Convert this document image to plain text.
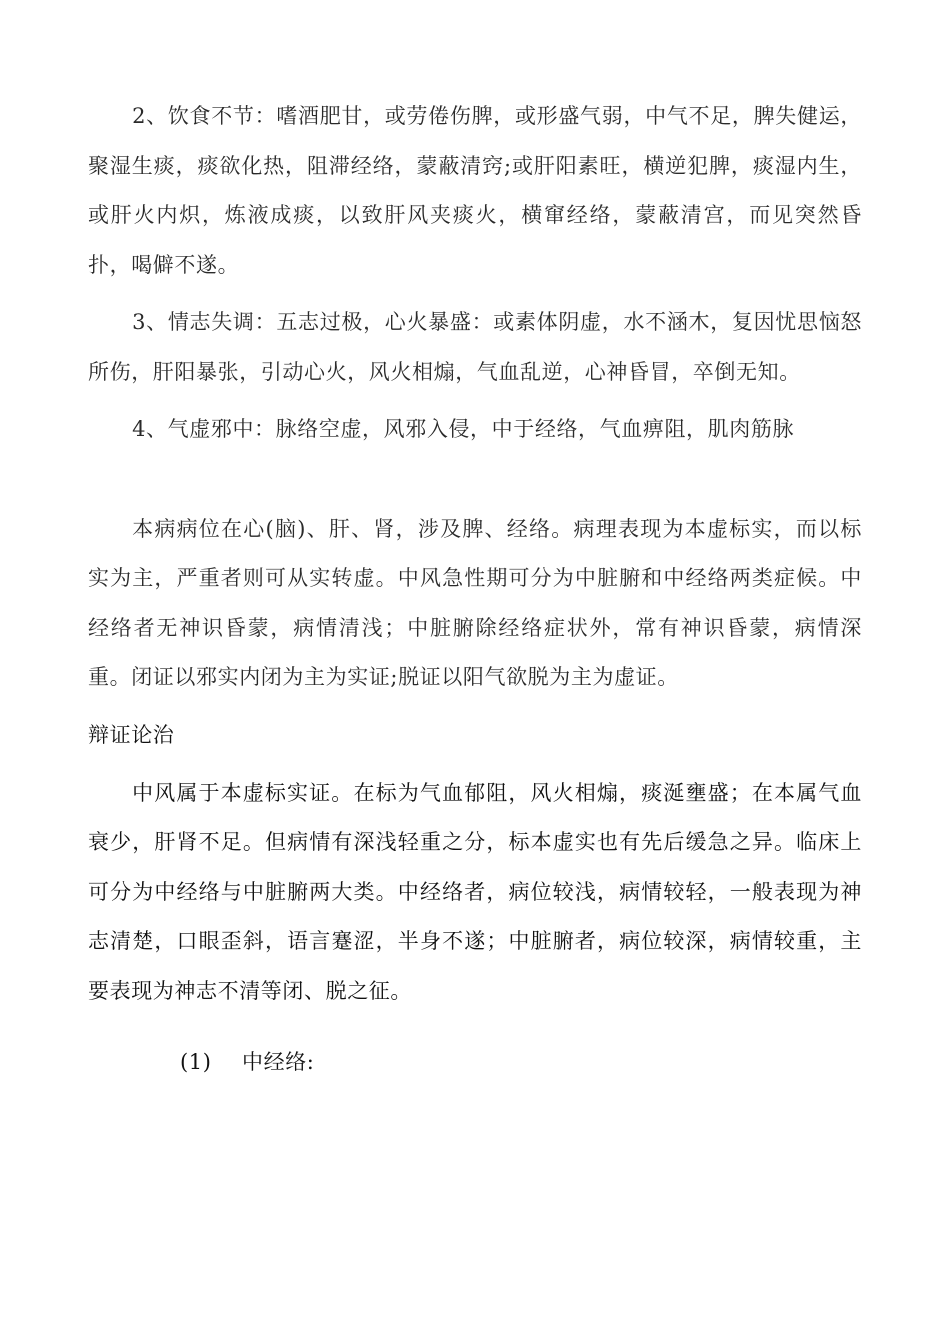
2、饮食不节：嗜酒肥甘，或劳倦伤脾，或形盛气弱，中气不足，脾失健运，聚湿生痰，痰欲化热，阻滞经络，蒙蔽清窍;或肝阳素旺，横逆犯脾，痰湿内生，或肝火内炽，炼液成痰，以致肝风夹痰火，横窜经络，蒙蔽清宫，而见突然昏扑，喝僻不遂。

3、情志失调：五志过极，心火暴盛：或素体阴虚，水不涵木，复因忧思恼怒所伤，肝阳暴张，引动心火，风火相煽，气血乱逆，心神昏冒，卒倒无知。

4、气虚邪中：脉络空虚，风邪入侵，中于经络，气血痹阻，肌肉筋脉

本病病位在心(脑)、肝、肾，涉及脾、经络。病理表现为本虚标实，而以标实为主，严重者则可从实转虚。中风急性期可分为中脏腑和中经络两类症候。中经络者无神识昏蒙，病情清浅；中脏腑除经络症状外，常有神识昏蒙，病情深重。闭证以邪实内闭为主为实证;脱证以阳气欲脱为主为虚证。

辩证论治

中风属于本虚标实证。在标为气血郁阻，风火相煽，痰涎壅盛；在本属气血衰少，肝肾不足。但病情有深浅轻重之分，标本虚实也有先后缓急之异。临床上可分为中经络与中脏腑两大类。中经络者，病位较浅，病情较轻，一般表现为神志清楚，口眼歪斜，语言蹇涩，半身不遂；中脏腑者，病位较深，病情较重，主要表现为神志不清等闭、脱之征。

(1) 中经络:
